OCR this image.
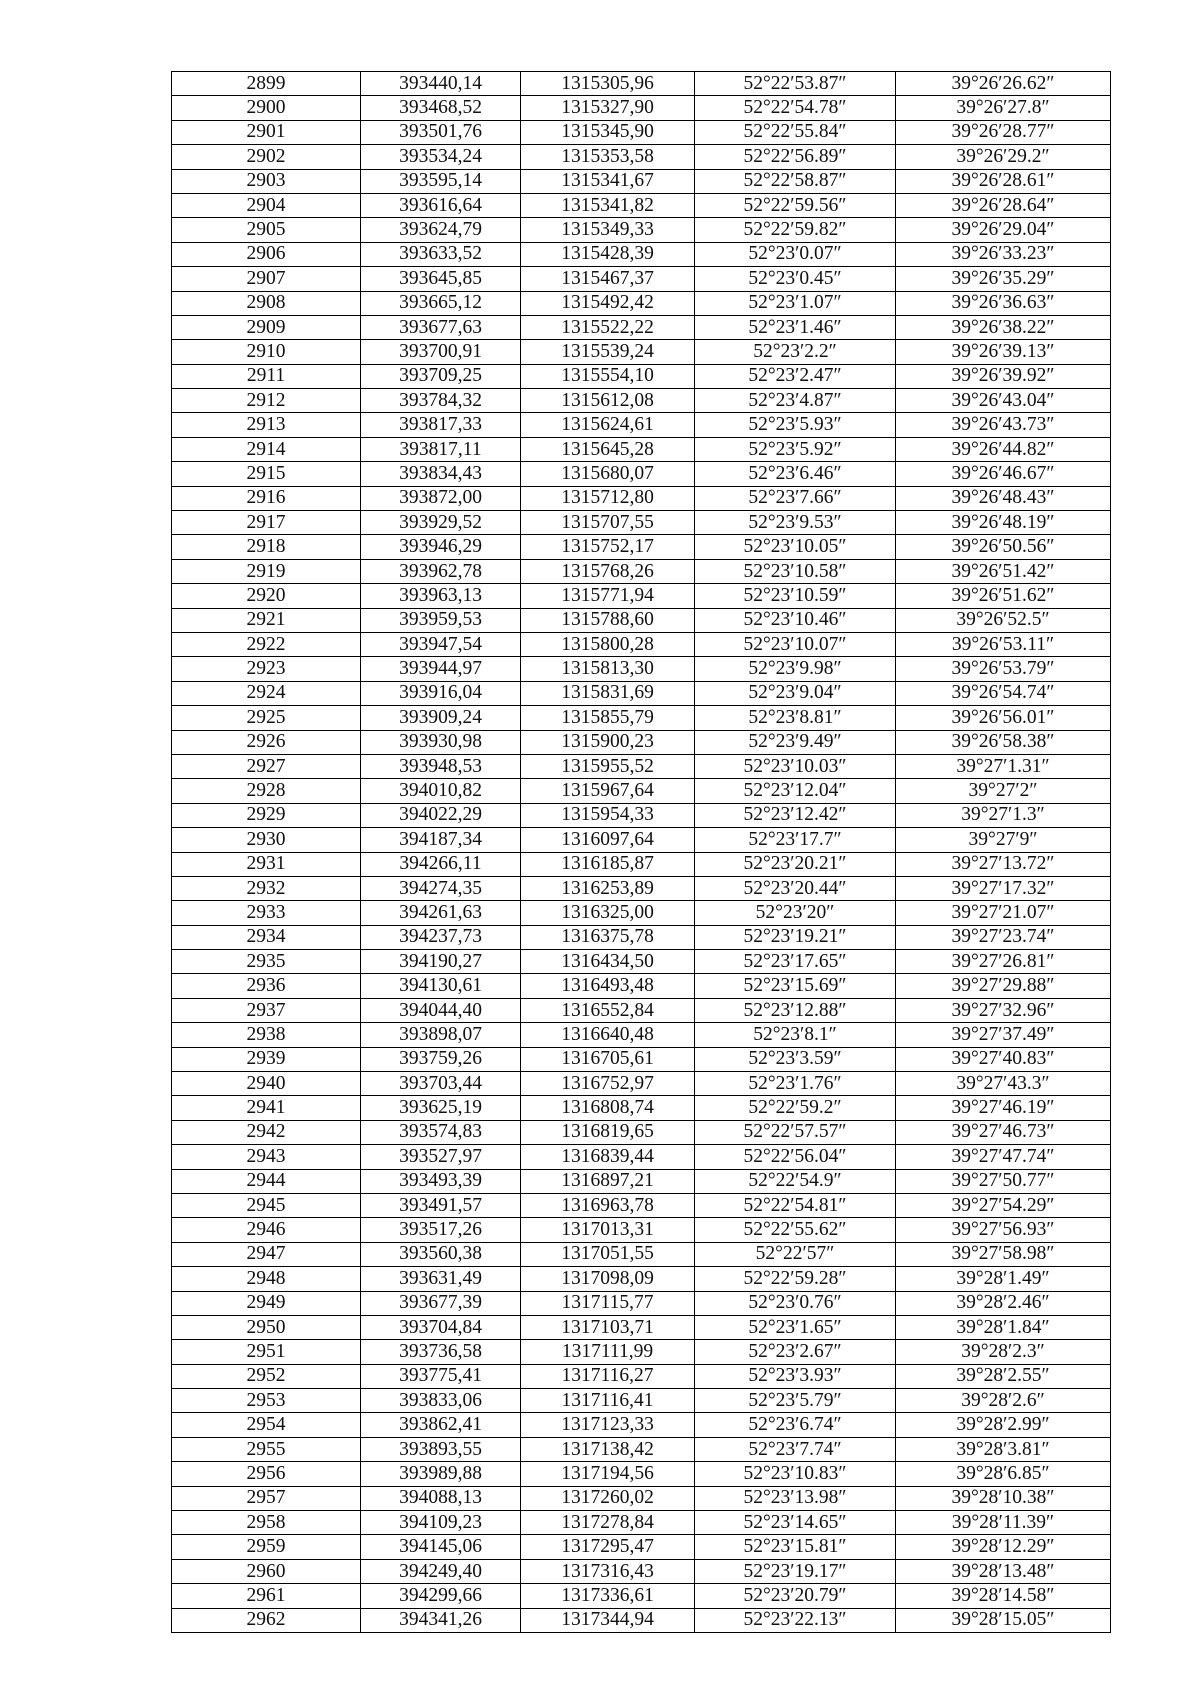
2899	393440,14	1315305,96	52°22′53.87″	39°26′26.62″
2900	393468,52	1315327,90	52°22′54.78″	39°26′27.8″
2901	393501,76	1315345,90	52°22′55.84″	39°26′28.77″
2902	393534,24	1315353,58	52°22′56.89″	39°26′29.2″
2903	393595,14	1315341,67	52°22′58.87″	39°26′28.61″
2904	393616,64	1315341,82	52°22′59.56″	39°26′28.64″
2905	393624,79	1315349,33	52°22′59.82″	39°26′29.04″
2906	393633,52	1315428,39	52°23′0.07″	39°26′33.23″
2907	393645,85	1315467,37	52°23′0.45″	39°26′35.29″
2908	393665,12	1315492,42	52°23′1.07″	39°26′36.63″
2909	393677,63	1315522,22	52°23′1.46″	39°26′38.22″
2910	393700,91	1315539,24	52°23′2.2″	39°26′39.13″
2911	393709,25	1315554,10	52°23′2.47″	39°26′39.92″
2912	393784,32	1315612,08	52°23′4.87″	39°26′43.04″
2913	393817,33	1315624,61	52°23′5.93″	39°26′43.73″
2914	393817,11	1315645,28	52°23′5.92″	39°26′44.82″
2915	393834,43	1315680,07	52°23′6.46″	39°26′46.67″
2916	393872,00	1315712,80	52°23′7.66″	39°26′48.43″
2917	393929,52	1315707,55	52°23′9.53″	39°26′48.19″
2918	393946,29	1315752,17	52°23′10.05″	39°26′50.56″
2919	393962,78	1315768,26	52°23′10.58″	39°26′51.42″
2920	393963,13	1315771,94	52°23′10.59″	39°26′51.62″
2921	393959,53	1315788,60	52°23′10.46″	39°26′52.5″
2922	393947,54	1315800,28	52°23′10.07″	39°26′53.11″
2923	393944,97	1315813,30	52°23′9.98″	39°26′53.79″
2924	393916,04	1315831,69	52°23′9.04″	39°26′54.74″
2925	393909,24	1315855,79	52°23′8.81″	39°26′56.01″
2926	393930,98	1315900,23	52°23′9.49″	39°26′58.38″
2927	393948,53	1315955,52	52°23′10.03″	39°27′1.31″
2928	394010,82	1315967,64	52°23′12.04″	39°27′2″
2929	394022,29	1315954,33	52°23′12.42″	39°27′1.3″
2930	394187,34	1316097,64	52°23′17.7″	39°27′9″
2931	394266,11	1316185,87	52°23′20.21″	39°27′13.72″
2932	394274,35	1316253,89	52°23′20.44″	39°27′17.32″
2933	394261,63	1316325,00	52°23′20″	39°27′21.07″
2934	394237,73	1316375,78	52°23′19.21″	39°27′23.74″
2935	394190,27	1316434,50	52°23′17.65″	39°27′26.81″
2936	394130,61	1316493,48	52°23′15.69″	39°27′29.88″
2937	394044,40	1316552,84	52°23′12.88″	39°27′32.96″
2938	393898,07	1316640,48	52°23′8.1″	39°27′37.49″
2939	393759,26	1316705,61	52°23′3.59″	39°27′40.83″
2940	393703,44	1316752,97	52°23′1.76″	39°27′43.3″
2941	393625,19	1316808,74	52°22′59.2″	39°27′46.19″
2942	393574,83	1316819,65	52°22′57.57″	39°27′46.73″
2943	393527,97	1316839,44	52°22′56.04″	39°27′47.74″
2944	393493,39	1316897,21	52°22′54.9″	39°27′50.77″
2945	393491,57	1316963,78	52°22′54.81″	39°27′54.29″
2946	393517,26	1317013,31	52°22′55.62″	39°27′56.93″
2947	393560,38	1317051,55	52°22′57″	39°27′58.98″
2948	393631,49	1317098,09	52°22′59.28″	39°28′1.49″
2949	393677,39	1317115,77	52°23′0.76″	39°28′2.46″
2950	393704,84	1317103,71	52°23′1.65″	39°28′1.84″
2951	393736,58	1317111,99	52°23′2.67″	39°28′2.3″
2952	393775,41	1317116,27	52°23′3.93″	39°28′2.55″
2953	393833,06	1317116,41	52°23′5.79″	39°28′2.6″
2954	393862,41	1317123,33	52°23′6.74″	39°28′2.99″
2955	393893,55	1317138,42	52°23′7.74″	39°28′3.81″
2956	393989,88	1317194,56	52°23′10.83″	39°28′6.85″
2957	394088,13	1317260,02	52°23′13.98″	39°28′10.38″
2958	394109,23	1317278,84	52°23′14.65″	39°28′11.39″
2959	394145,06	1317295,47	52°23′15.81″	39°28′12.29″
2960	394249,40	1317316,43	52°23′19.17″	39°28′13.48″
2961	394299,66	1317336,61	52°23′20.79″	39°28′14.58″
2962	394341,26	1317344,94	52°23′22.13″	39°28′15.05″
